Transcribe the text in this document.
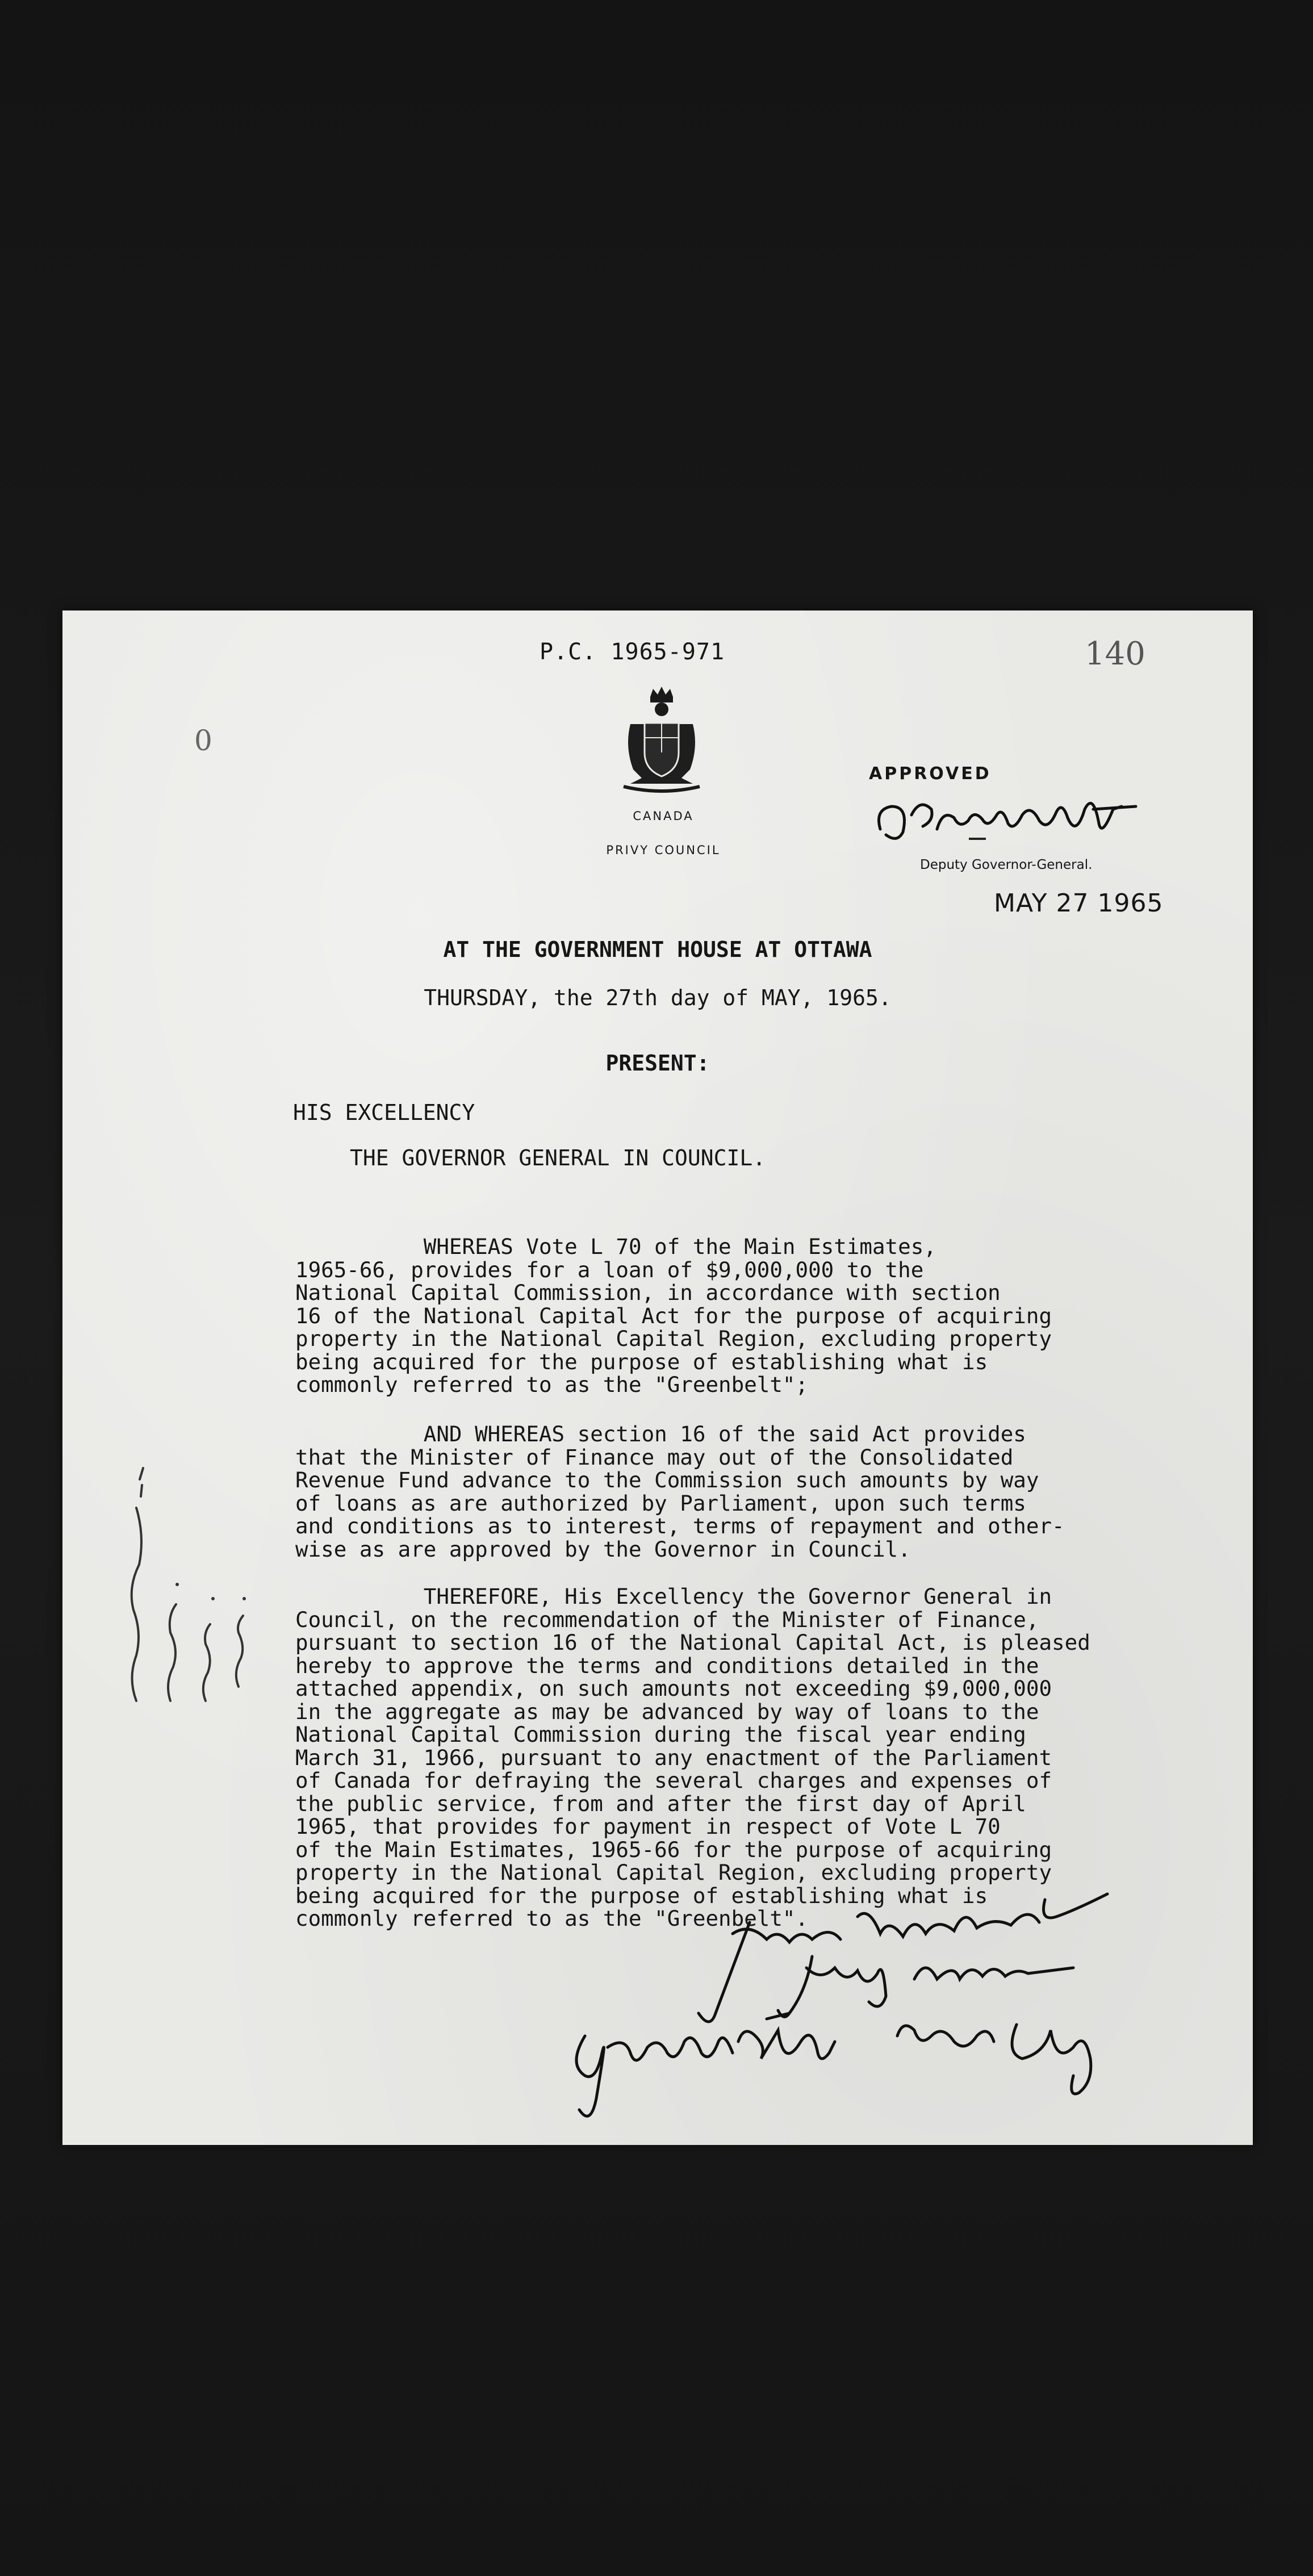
P.C. 1965-971	140
0
CANADA
PRIVY COUNCIL
APPROVED
Deputy Governor-General.
MAY 27 1965
AT THE GOVERNMENT HOUSE AT OTTAWA
THURSDAY, the 27th day of MAY, 1965.
PRESENT:
HIS EXCELLENCY
THE GOVERNOR GENERAL IN COUNCIL.
WHEREAS Vote L 70 of the Main Estimates,
1965-66, provides for a loan of $9,000,000 to the
National Capital Commission, in accordance with section
16 of the National Capital Act for the purpose of acquiring
property in the National Capital Region, excluding property
being acquired for the purpose of establishing what is
commonly referred to as the "Greenbelt";
AND WHEREAS section 16 of the said Act provides
that the Minister of Finance may out of the Consolidated
Revenue Fund advance to the Commission such amounts by way
of loans as are authorized by Parliament, upon such terms
and conditions as to interest, terms of repayment and other-
wise as are approved by the Governor in Council.
THEREFORE, His Excellency the Governor General in
Council, on the recommendation of the Minister of Finance,
pursuant to section 16 of the National Capital Act, is pleased
hereby to approve the terms and conditions detailed in the
attached appendix, on such amounts not exceeding $9,000,000
in the aggregate as may be advanced by way of loans to the
National Capital Commission during the fiscal year ending
March 31, 1966, pursuant to any enactment of the Parliament
of Canada for defraying the several charges and expenses of
the public service, from and after the first day of April
1965, that provides for payment in respect of Vote L 70
of the Main Estimates, 1965-66 for the purpose of acquiring
property in the National Capital Region, excluding property
being acquired for the purpose of establishing what is
commonly referred to as the "Greenbelt".
